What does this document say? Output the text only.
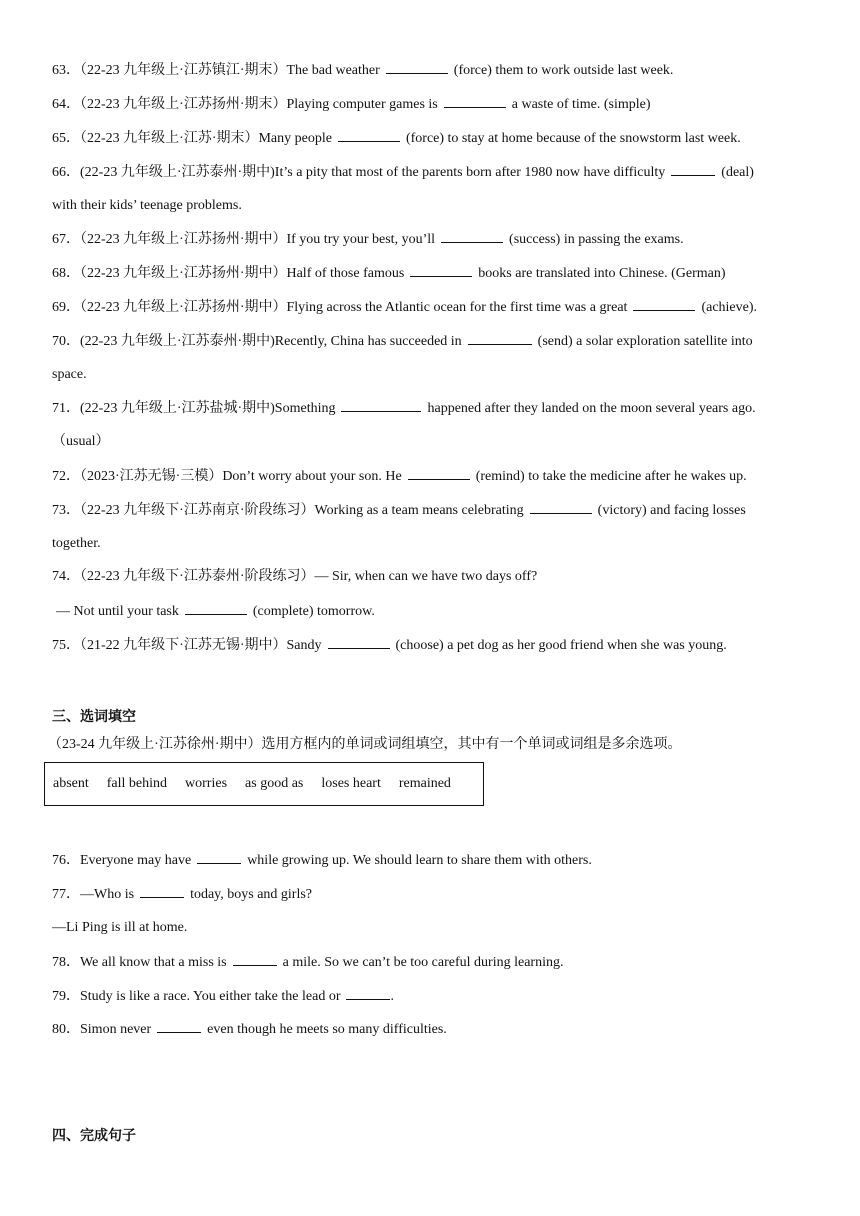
63．（22-23 九年级上·江苏镇江·期末）The bad weather	(force) them to work outside last week.
64．（22-23 九年级上·江苏扬州·期末）Playing computer games is	a waste of time. (simple)
65．（22-23 九年级上·江苏·期末）Many people	(force) to stay at home because of the snowstorm last week.
66．(22-23 九年级上·江苏泰州·期中)It’s a pity that most of the parents born after 1980 now have difficulty	(deal)
with their kids’ teenage problems.
67．（22-23 九年级上·江苏扬州·期中）If you try your best, you’ll	(success) in passing the exams.
68．（22-23 九年级上·江苏扬州·期中）Half of those famous	books are translated into Chinese. (German)
69．（22-23 九年级上·江苏扬州·期中）Flying across the Atlantic ocean for the first time was a great	(achieve).
70．(22-23 九年级上·江苏泰州·期中)Recently, China has succeeded in	(send) a solar exploration satellite into
space.
71．(22-23 九年级上·江苏盐城·期中)Something	happened after they landed on the moon several years ago.
（usual）
72．（2023·江苏无锡·三模）Don’t worry about your son. He	(remind) to take the medicine after he wakes up.
73．（22-23 九年级下·江苏南京·阶段练习）Working as a team means celebrating	(victory) and facing losses
together.
74．（22-23 九年级下·江苏泰州·阶段练习）— Sir, when can we have two days off?
— Not until your task	(complete) tomorrow.
75．（21-22 九年级下·江苏无锡·期中）Sandy	(choose) a pet dog as her good friend when she was young.
三、选词填空
（23-24 九年级上·江苏徐州·期中）选用方框内的单词或词组填空，其中有一个单词或词组是多余选项。
absent fall behind worries as good as loses heart remained
76．Everyone may have	while growing up. We should learn to share them with others.
77．—Who is	today, boys and girls?
—Li Ping is ill at home.
78．We all know that a miss is	a mile. So we can’t be too careful during learning.
79．Study is like a race. You either take the lead or	.
80．Simon never	even though he meets so many difficulties.
四、完成句子
